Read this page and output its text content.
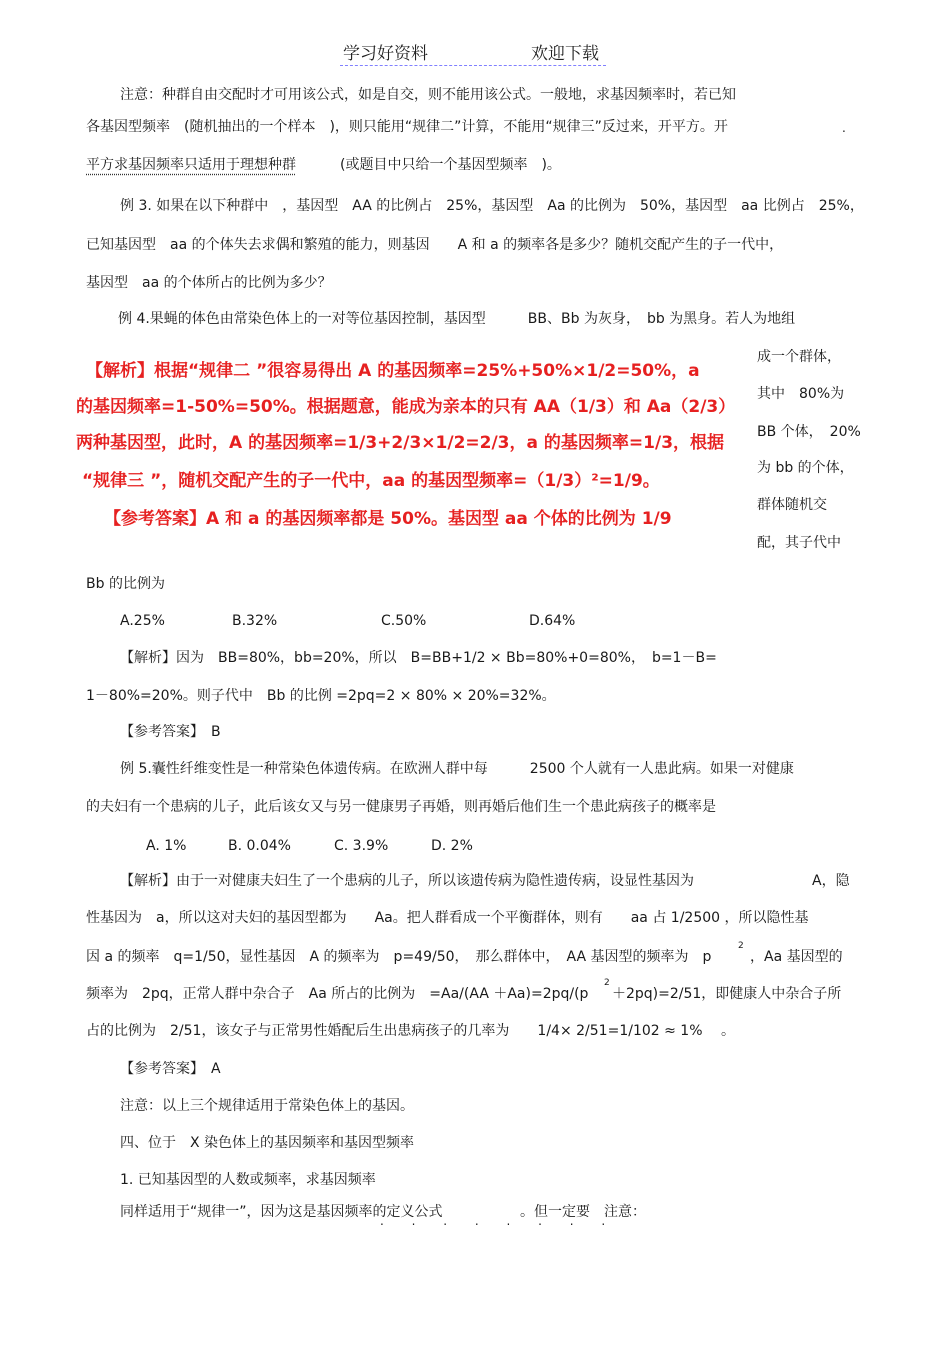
学习好资料	欢迎下载
注意：种群自由交配时才可用该公式，如是自交，则不能用该公式。一般地，求基因频率时，若已知
各基因型频率　(随机抽出的一个样本　)，则只能用“规律二”计算，不能用“规律三”反过来，开平方。开	.
平方求基因频率只适用于理想种群	(或题目中只给一个基因型频率　)。
例 3. 如果在以下种群中　，基因型　AA 的比例占　25%，基因型　Aa 的比例为　50%，基因型　aa 比例占　25%，
已知基因型　aa 的个体失去求偶和繁殖的能力，则基因　　A 和 a 的频率各是多少？随机交配产生的子一代中，
基因型　aa 的个体所占的比例为多少？
例 4.果蝇的体色由常染色体上的一对等位基因控制，基因型　　　BB、Bb 为灰身，　bb 为黑身。若人为地组
【解析】根据“规律二 ”很容易得出 A 的基因频率=25%+50%×1/2=50%，a
的基因频率=1-50%=50%。根据题意，能成为亲本的只有 AA（1/3）和 Aa（2/3）
两种基因型，此时，A 的基因频率=1/3+2/3×1/2=2/3，a 的基因频率=1/3，根据
“规律三 ”，随机交配产生的子一代中，aa 的基因型频率=（1/3）²=1/9。
【参考答案】A 和 a 的基因频率都是 50%。基因型 aa 个体的比例为 1/9
成一个群体，
其中　80%为
BB 个体，　20%
为 bb 的个体，
群体随机交
配，其子代中
Bb 的比例为
A.25%	B.32%	C.50%	D.64%
【解析】因为　BB=80%，bb=20%，所以　B=BB+1/2 × Bb=80%+0=80%，　b=1－B=
1－80%=20%。则子代中　Bb 的比例 =2pq=2 × 80% × 20%=32%。
【参考答案】　B
例 5.囊性纤维变性是一种常染色体遗传病。在欧洲人群中每　　　2500 个人就有一人患此病。如果一对健康
的夫妇有一个患病的儿子，此后该女又与另一健康男子再婚，则再婚后他们生一个患此病孩子的概率是
A. 1%	B. 0.04%	C. 3.9%	D. 2%
【解析】由于一对健康夫妇生了一个患病的儿子，所以该遗传病为隐性遗传病，设显性基因为	A，隐
性基因为　a，所以这对夫妇的基因型都为　　Aa。把人群看成一个平衡群体，则有　　aa 占 1/2500 ，所以隐性基
因 a 的频率　q=1/50，显性基因　A 的频率为　p=49/50，　那么群体中，　AA 基因型的频率为　p
2
，Aa 基因型的
频率为　2pq，正常人群中杂合子　Aa 所占的比例为　=Aa/(AA ＋Aa)=2pq/(p
2
＋2pq)=2/51，即健康人中杂合子所
占的比例为　2/51，该女子与正常男性婚配后生出患病孩子的几率为　　1/4× 2/51=1/102 ≈ 1% 　。
【参考答案】　A
注意：以上三个规律适用于常染色体上的基因。
四、位于　X 染色体上的基因频率和基因型频率
1. 已知基因型的人数或频率，求基因频率
同样适用于“规律一”，因为这是基因频率的定义公式	。但一定要　注意：
. . . . . . . .
